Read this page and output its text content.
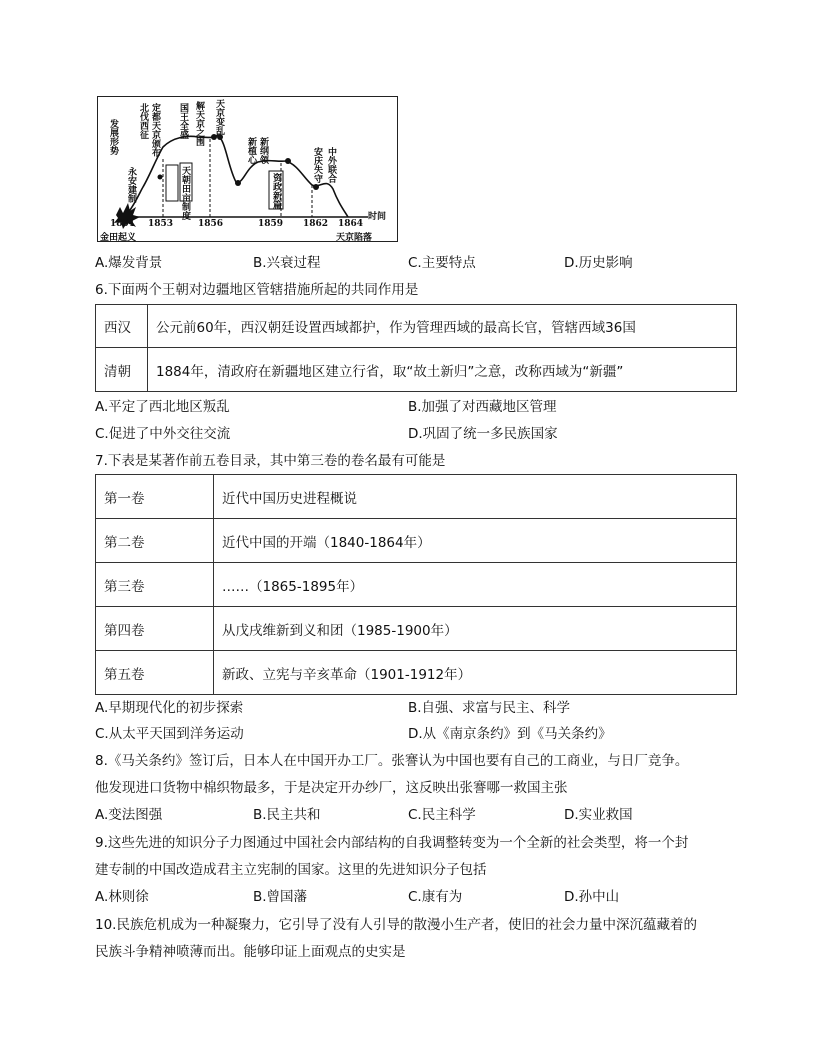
发展形势
永安建制
北伐西征 定都天京颁布
天朝田亩制度
国王全盛 解天京之围 天京变乱
新植心 新纲领
资政新篇
安庆失守 中外联合
1851 1853	1856	1859 1862 1864
时间
金田起义	天京陷落
A.爆发背景	B.兴衰过程	C.主要特点	D.历史影响
6.下面两个王朝对边疆地区管辖措施所起的共同作用是
西汉	公元前60年，西汉朝廷设置西域都护，作为管理西域的最高长官，管辖西域36国
清朝	1884年，清政府在新疆地区建立行省，取“故土新归”之意，改称西域为“新疆”
A.平定了西北地区叛乱	B.加强了对西藏地区管理
C.促进了中外交往交流	D.巩固了统一多民族国家
7.下表是某著作前五卷目录，其中第三卷的卷名最有可能是
第一卷	近代中国历史进程概说
第二卷	近代中国的开端（1840-1864年）
第三卷	……（1865-1895年）
第四卷	从戊戌维新到义和团（1985-1900年）
第五卷	新政、立宪与辛亥革命（1901-1912年）
A.早期现代化的初步探索	B.自强、求富与民主、科学
C.从太平天国到洋务运动	D.从《南京条约》到《马关条约》
8.《马关条约》签订后，日本人在中国开办工厂。张謇认为中国也要有自己的工商业，与日厂竞争。
他发现进口货物中棉织物最多，于是决定开办纱厂，这反映出张謇哪一救国主张
A.变法图强	B.民主共和	C.民主科学	D.实业救国
9.这些先进的知识分子力图通过中国社会内部结构的自我调整转变为一个全新的社会类型，将一个封
建专制的中国改造成君主立宪制的国家。这里的先进知识分子包括
A.林则徐	B.曾国藩	C.康有为	D.孙中山
10.民族危机成为一种凝聚力，它引导了没有人引导的散漫小生产者，使旧的社会力量中深沉蕴藏着的
民族斗争精神喷薄而出。能够印证上面观点的史实是
